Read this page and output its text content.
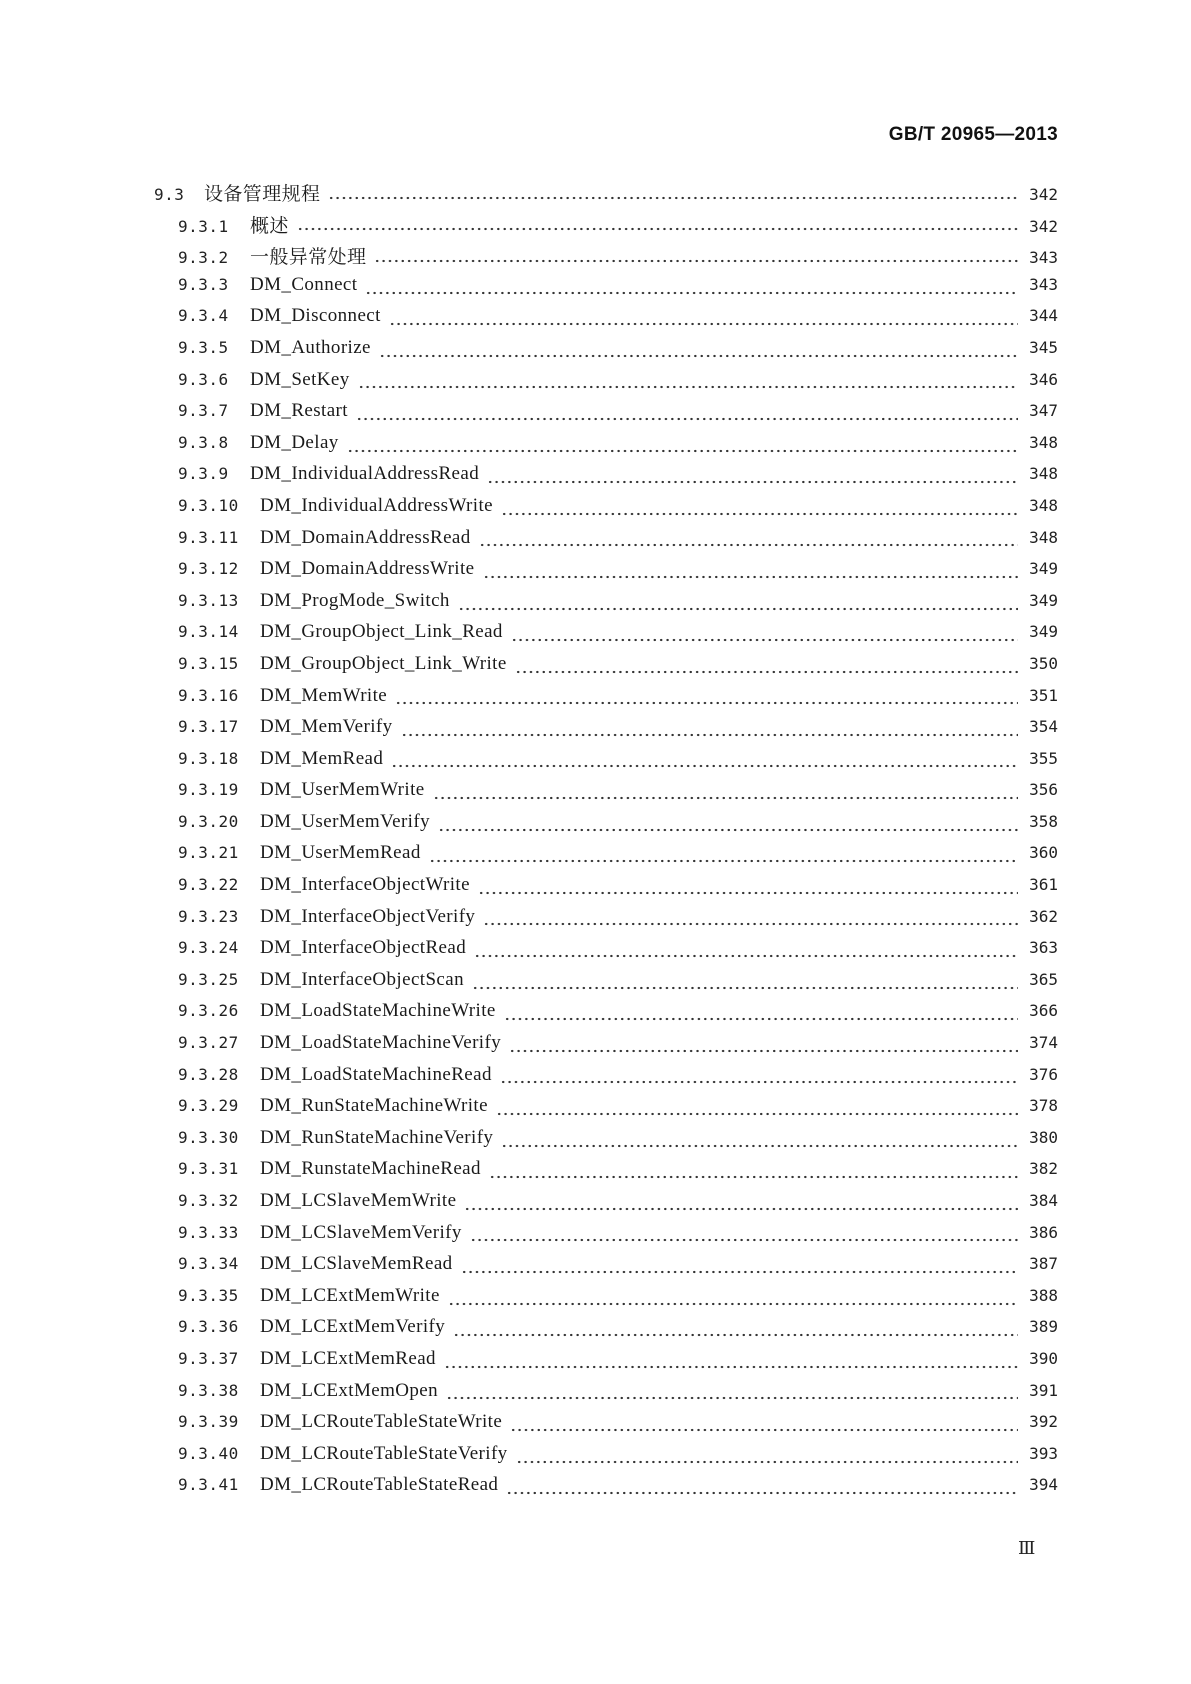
GB/T 20965—2013
9.3	设备管理规程	342
9.3.1	概述	342
9.3.2	一般异常处理	343
9.3.3	DM_Connect	343
9.3.4	DM_Disconnect	344
9.3.5	DM_Authorize	345
9.3.6	DM_SetKey	346
9.3.7	DM_Restart	347
9.3.8	DM_Delay	348
9.3.9	DM_IndividualAddressRead	348
9.3.10	DM_IndividualAddressWrite	348
9.3.11	DM_DomainAddressRead	348
9.3.12	DM_DomainAddressWrite	349
9.3.13	DM_ProgMode_Switch	349
9.3.14	DM_GroupObject_Link_Read	349
9.3.15	DM_GroupObject_Link_Write	350
9.3.16	DM_MemWrite	351
9.3.17	DM_MemVerify	354
9.3.18	DM_MemRead	355
9.3.19	DM_UserMemWrite	356
9.3.20	DM_UserMemVerify	358
9.3.21	DM_UserMemRead	360
9.3.22	DM_InterfaceObjectWrite	361
9.3.23	DM_InterfaceObjectVerify	362
9.3.24	DM_InterfaceObjectRead	363
9.3.25	DM_InterfaceObjectScan	365
9.3.26	DM_LoadStateMachineWrite	366
9.3.27	DM_LoadStateMachineVerify	374
9.3.28	DM_LoadStateMachineRead	376
9.3.29	DM_RunStateMachineWrite	378
9.3.30	DM_RunStateMachineVerify	380
9.3.31	DM_RunstateMachineRead	382
9.3.32	DM_LCSlaveMemWrite	384
9.3.33	DM_LCSlaveMemVerify	386
9.3.34	DM_LCSlaveMemRead	387
9.3.35	DM_LCExtMemWrite	388
9.3.36	DM_LCExtMemVerify	389
9.3.37	DM_LCExtMemRead	390
9.3.38	DM_LCExtMemOpen	391
9.3.39	DM_LCRouteTableStateWrite	392
9.3.40	DM_LCRouteTableStateVerify	393
9.3.41	DM_LCRouteTableStateRead	394
Ⅲ
